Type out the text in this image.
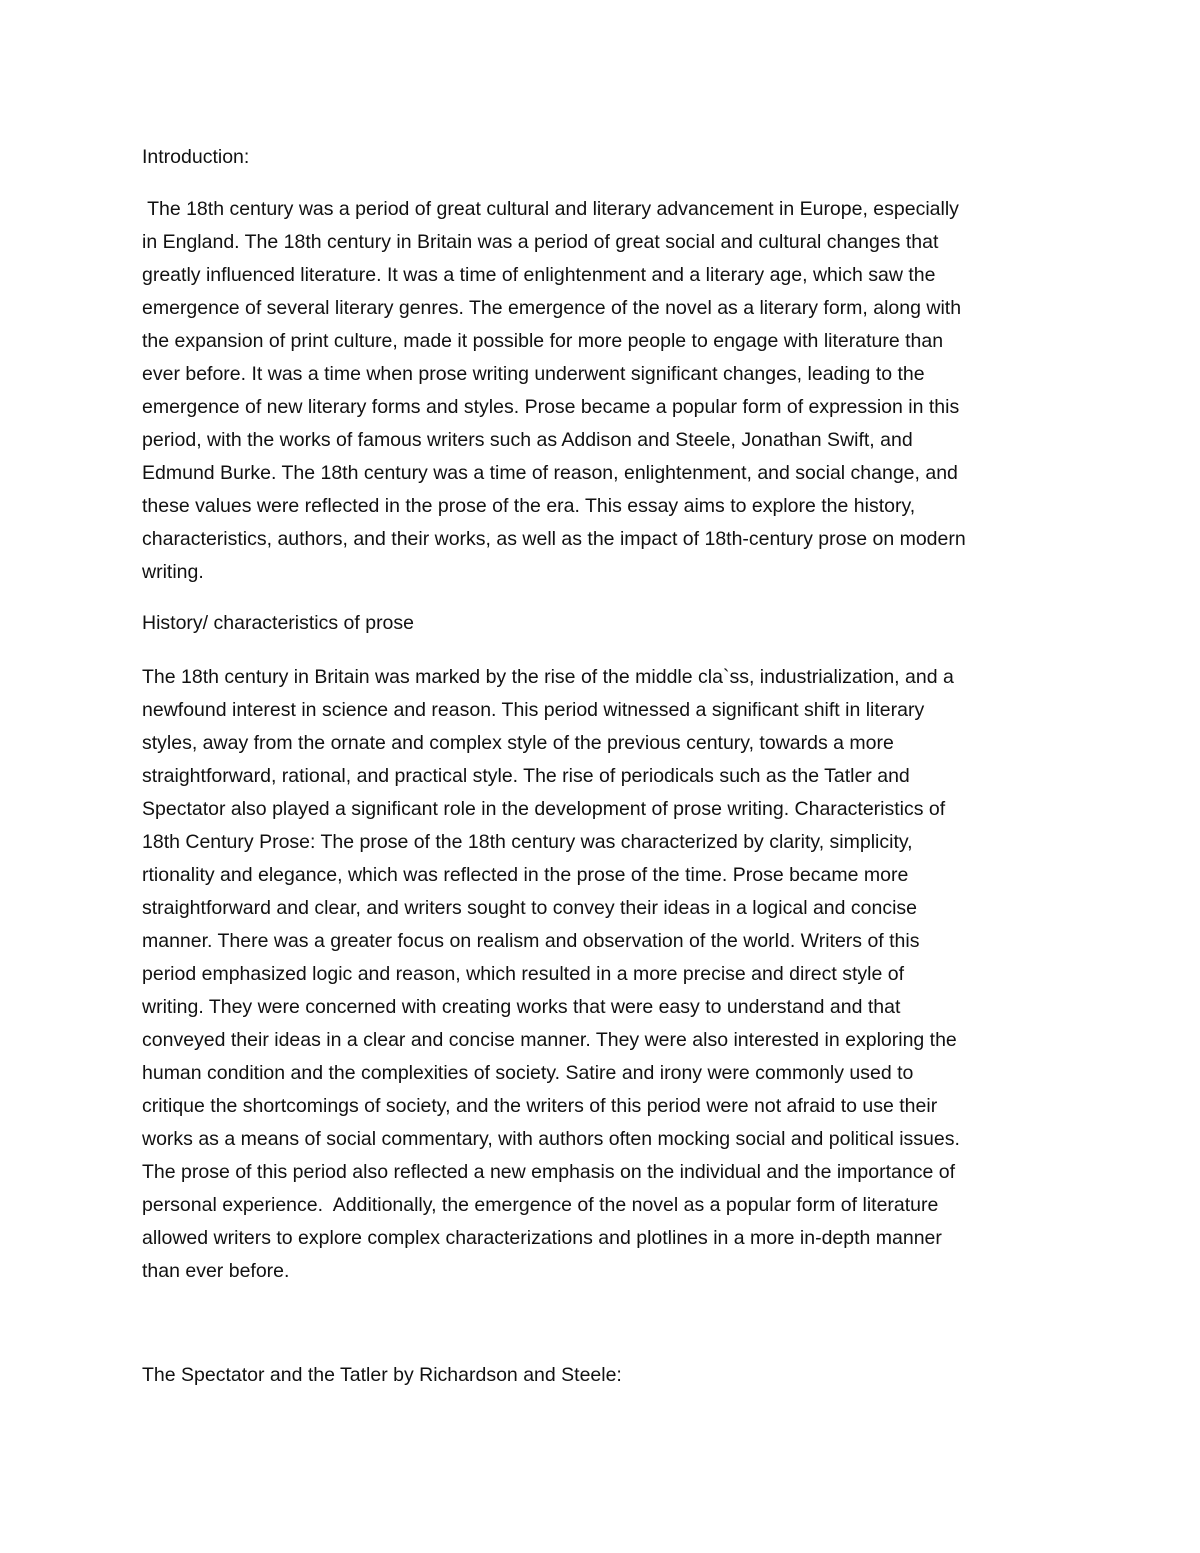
Introduction:
The 18th century was a period of great cultural and literary advancement in Europe, especially
in England. The 18th century in Britain was a period of great social and cultural changes that
greatly influenced literature. It was a time of enlightenment and a literary age, which saw the
emergence of several literary genres. The emergence of the novel as a literary form, along with
the expansion of print culture, made it possible for more people to engage with literature than
ever before. It was a time when prose writing underwent significant changes, leading to the
emergence of new literary forms and styles. Prose became a popular form of expression in this
period, with the works of famous writers such as Addison and Steele, Jonathan Swift, and
Edmund Burke. The 18th century was a time of reason, enlightenment, and social change, and
these values were reflected in the prose of the era. This essay aims to explore the history,
characteristics, authors, and their works, as well as the impact of 18th-century prose on modern
writing.
History/ characteristics of prose
The 18th century in Britain was marked by the rise of the middle cla`ss, industrialization, and a
newfound interest in science and reason. This period witnessed a significant shift in literary
styles, away from the ornate and complex style of the previous century, towards a more
straightforward, rational, and practical style. The rise of periodicals such as the Tatler and
Spectator also played a significant role in the development of prose writing. Characteristics of
18th Century Prose: The prose of the 18th century was characterized by clarity, simplicity,
rtionality and elegance, which was reflected in the prose of the time. Prose became more
straightforward and clear, and writers sought to convey their ideas in a logical and concise
manner. There was a greater focus on realism and observation of the world. Writers of this
period emphasized logic and reason, which resulted in a more precise and direct style of
writing. They were concerned with creating works that were easy to understand and that
conveyed their ideas in a clear and concise manner. They were also interested in exploring the
human condition and the complexities of society. Satire and irony were commonly used to
critique the shortcomings of society, and the writers of this period were not afraid to use their
works as a means of social commentary, with authors often mocking social and political issues.
The prose of this period also reflected a new emphasis on the individual and the importance of
personal experience.  Additionally, the emergence of the novel as a popular form of literature
allowed writers to explore complex characterizations and plotlines in a more in-depth manner
than ever before.
The Spectator and the Tatler by Richardson and Steele:
